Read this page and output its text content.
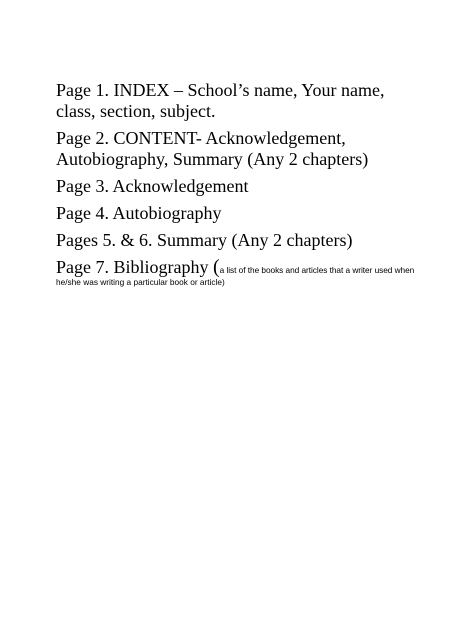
Page 1. INDEX – School’s name, Your name,
class, section, subject.
Page 2. CONTENT- Acknowledgement,
Autobiography, Summary (Any 2 chapters)
Page 3. Acknowledgement
Page 4. Autobiography
Pages 5. & 6. Summary (Any 2 chapters)
Page 7. Bibliography (a list of the books and articles that a writer used when
he/she was writing a particular book or article)
